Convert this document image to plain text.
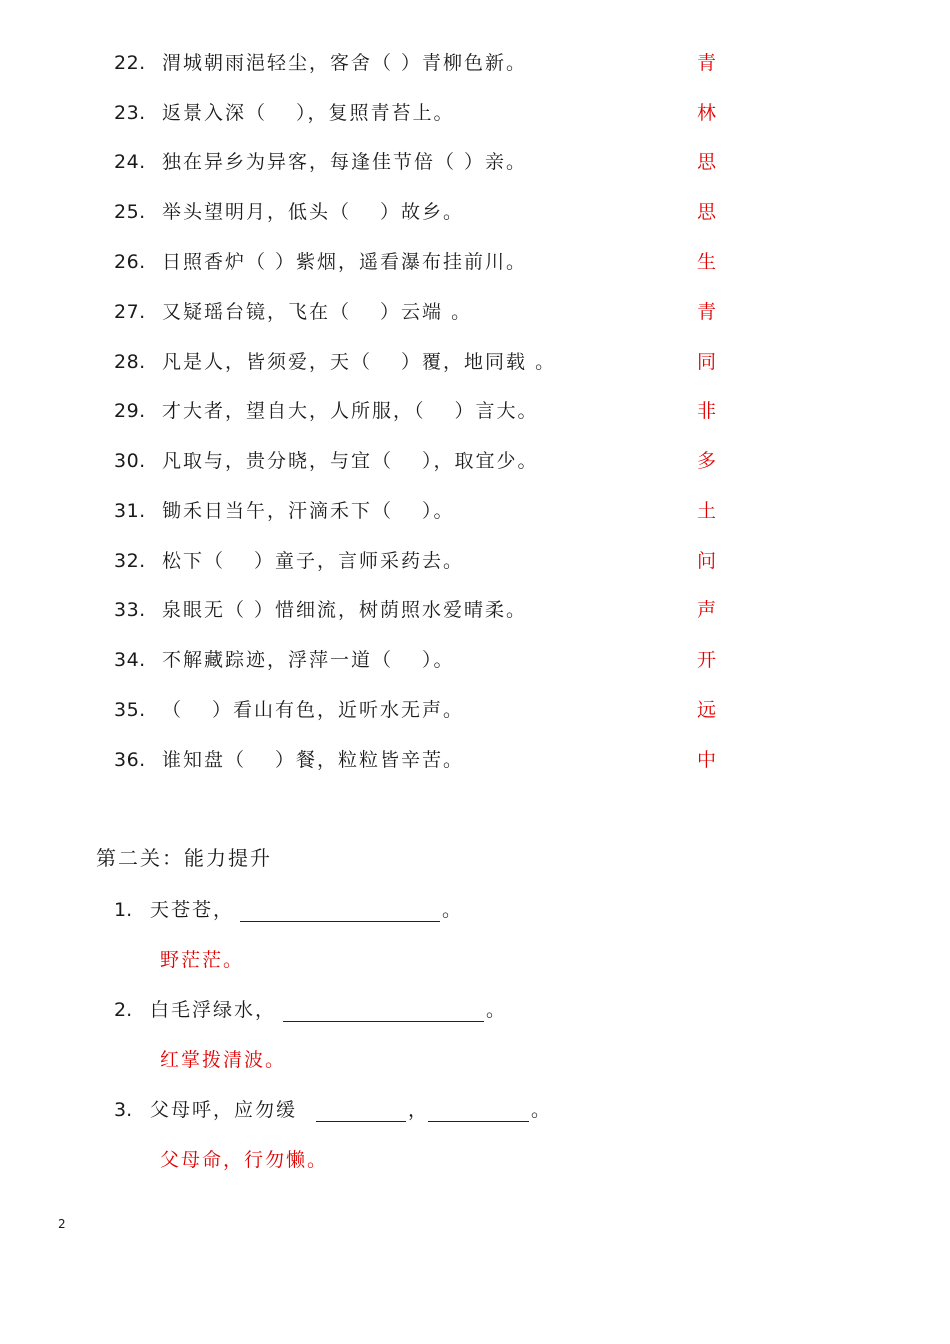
22. 渭城朝雨浥轻尘，客舍（ ）青柳色新。	青
23. 返景入深（　 ），复照青苔上。	林
24. 独在异乡为异客，每逢佳节倍（ ）亲。	思
25. 举头望明月，低头（　 ）故乡。	思
26. 日照香炉（ ）紫烟，遥看瀑布挂前川。	生
27. 又疑瑶台镜，飞在（　 ）云端 。	青
28. 凡是人，皆须爱，天（　 ）覆，地同载 。	同
29. 才大者，望自大，人所服，（　 ）言大。	非
30. 凡取与，贵分晓，与宜（　 ），取宜少。	多
31. 锄禾日当午，汗滴禾下（　 ）。	土
32. 松下（　 ）童子，言师采药去。	问
33. 泉眼无（ ）惜细流，树荫照水爱晴柔。	声
34. 不解藏踪迹，浮萍一道（　 ）。	开
35. （　 ）看山有色，近听水无声。	远
36. 谁知盘（　 ）餐，粒粒皆辛苦。	中
第二关：能力提升
1. 天苍苍，	。
野茫茫。
2. 白毛浮绿水，	。
红掌拨清波。
3. 父母呼，应勿缓	，	。
父母命，行勿懒。
2
